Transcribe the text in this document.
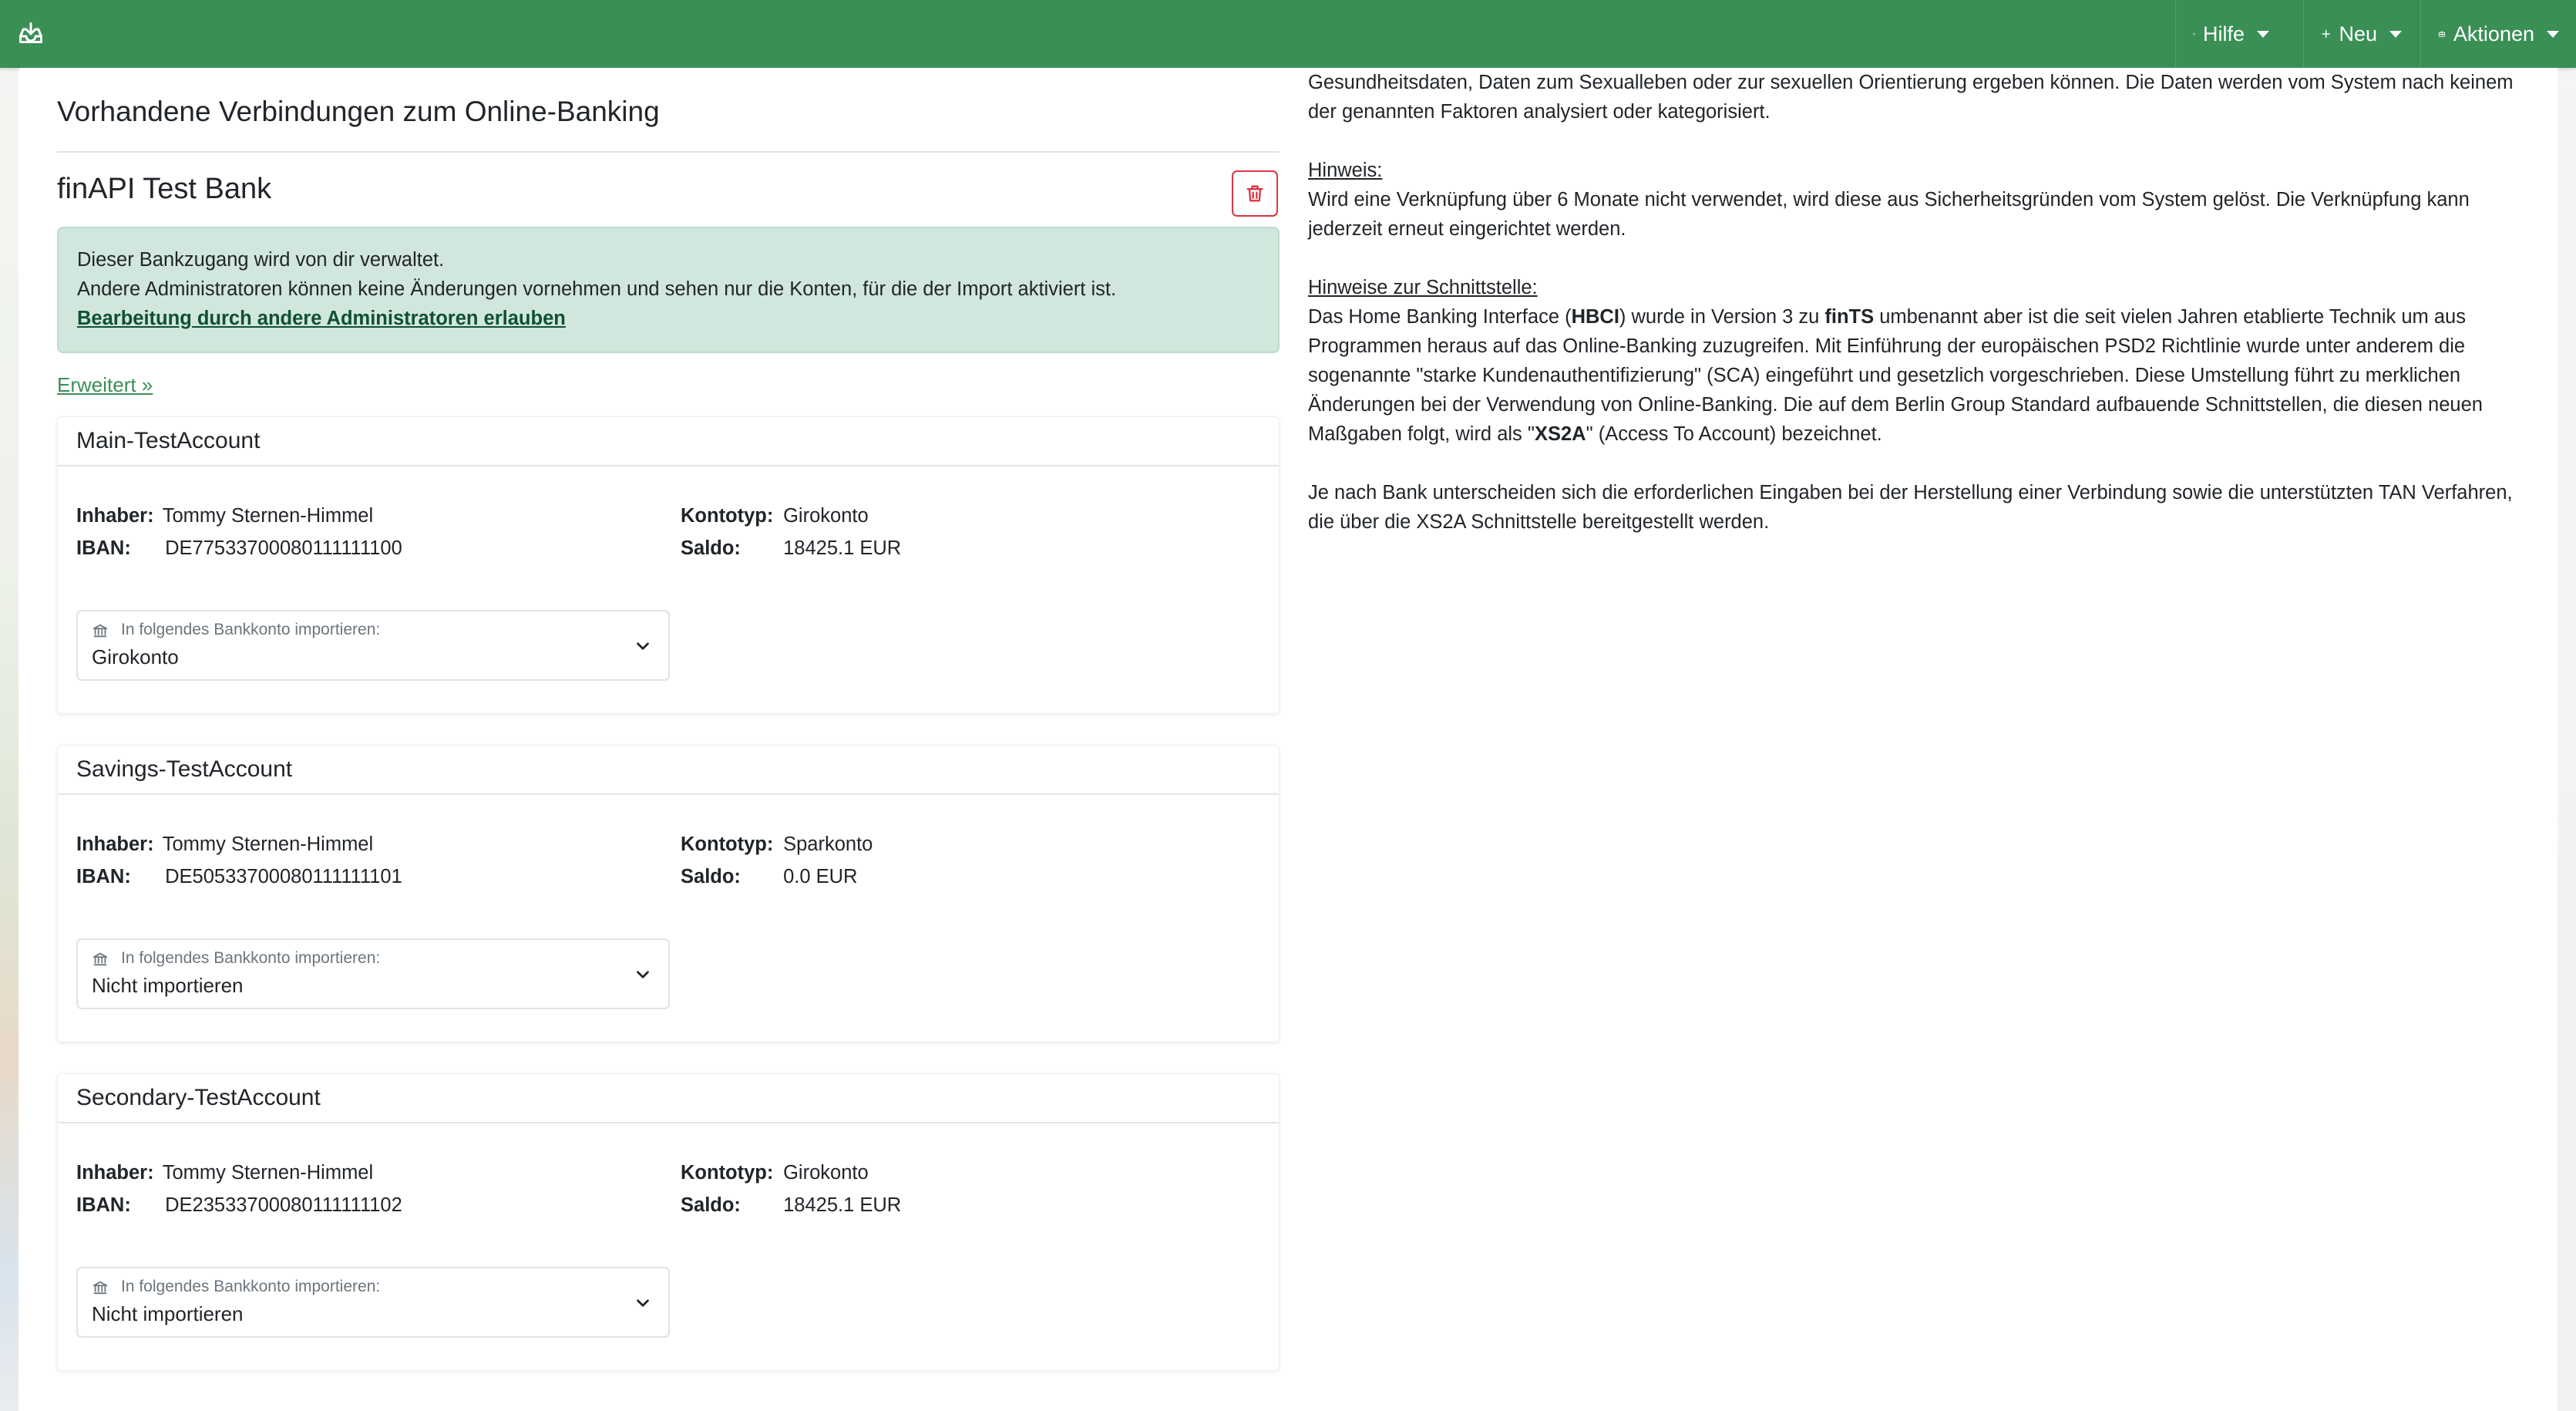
Hilfe	Neu	Aktionen
Vorhandene Verbindungen zum Online-Banking
finAPI Test Bank
Dieser Bankzugang wird von dir verwaltet.
Andere Administratoren können keine Änderungen vornehmen und sehen nur die Konten, für die der Import aktiviert ist.
Bearbeitung durch andere Administratoren erlauben
Erweitert »
Main-TestAccount
Inhaber: Tommy Sternen-Himmel
IBAN: DE77533700080111111100
Kontotyp: Girokonto
Saldo: 18425.1 EUR
In folgendes Bankkonto importieren:
Girokonto
Savings-TestAccount
Inhaber: Tommy Sternen-Himmel
IBAN: DE50533700080111111101
Kontotyp: Sparkonto
Saldo: 0.0 EUR
In folgendes Bankkonto importieren:
Nicht importieren
Secondary-TestAccount
Inhaber: Tommy Sternen-Himmel
IBAN: DE23533700080111111102
Kontotyp: Girokonto
Saldo: 18425.1 EUR
In folgendes Bankkonto importieren:
Nicht importieren

Gesundheitsdaten, Daten zum Sexualleben oder zur sexuellen Orientierung ergeben können. Die Daten werden vom System nach keinem der genannten Faktoren analysiert oder kategorisiert.

Hinweis:

Wird eine Verknüpfung über 6 Monate nicht verwendet, wird diese aus Sicherheitsgründen vom System gelöst. Die Verknüpfung kann jederzeit erneut eingerichtet werden.

Hinweise zur Schnittstelle:

Das Home Banking Interface (HBCI) wurde in Version 3 zu finTS umbenannt aber ist die seit vielen Jahren etablierte Technik um aus Programmen heraus auf das Online-Banking zuzugreifen. Mit Einführung der europäischen PSD2 Richtlinie wurde unter anderem die sogenannte "starke Kundenauthentifizierung" (SCA) eingeführt und gesetzlich vorgeschrieben. Diese Umstellung führt zu merklichen Änderungen bei der Verwendung von Online-Banking. Die auf dem Berlin Group Standard aufbauende Schnittstellen, die diesen neuen Maßgaben folgt, wird als "XS2A" (Access To Account) bezeichnet.

Je nach Bank unterscheiden sich die erforderlichen Eingaben bei der Herstellung einer Verbindung sowie die unterstützten TAN Verfahren, die über die XS2A Schnittstelle bereitgestellt werden.
